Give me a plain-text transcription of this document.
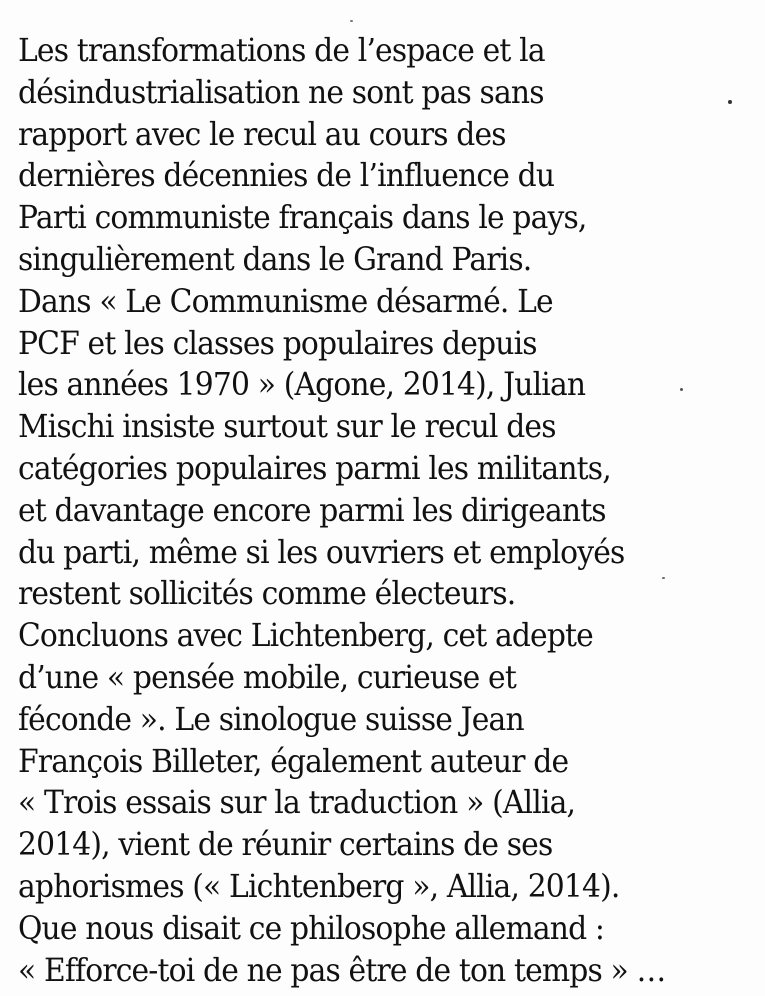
Les transformations de l’espace et la
désindustrialisation ne sont pas sans
rapport avec le recul au cours des
dernières décennies de l’influence du
Parti communiste français dans le pays,
singulièrement dans le Grand Paris.
Dans « Le Communisme désarmé. Le
PCF et les classes populaires depuis
les années 1970 » (Agone, 2014), Julian
Mischi insiste surtout sur le recul des
catégories populaires parmi les militants,
et davantage encore parmi les dirigeants
du parti, même si les ouvriers et employés
restent sollicités comme électeurs.
Concluons avec Lichtenberg, cet adepte
d’une « pensée mobile, curieuse et
féconde ». Le sinologue suisse Jean
François Billeter, également auteur de
« Trois essais sur la traduction » (Allia,
2014), vient de réunir certains de ses
aphorismes (« Lichtenberg », Allia, 2014).
Que nous disait ce philosophe allemand :
« Efforce-toi de ne pas être de ton temps » …
